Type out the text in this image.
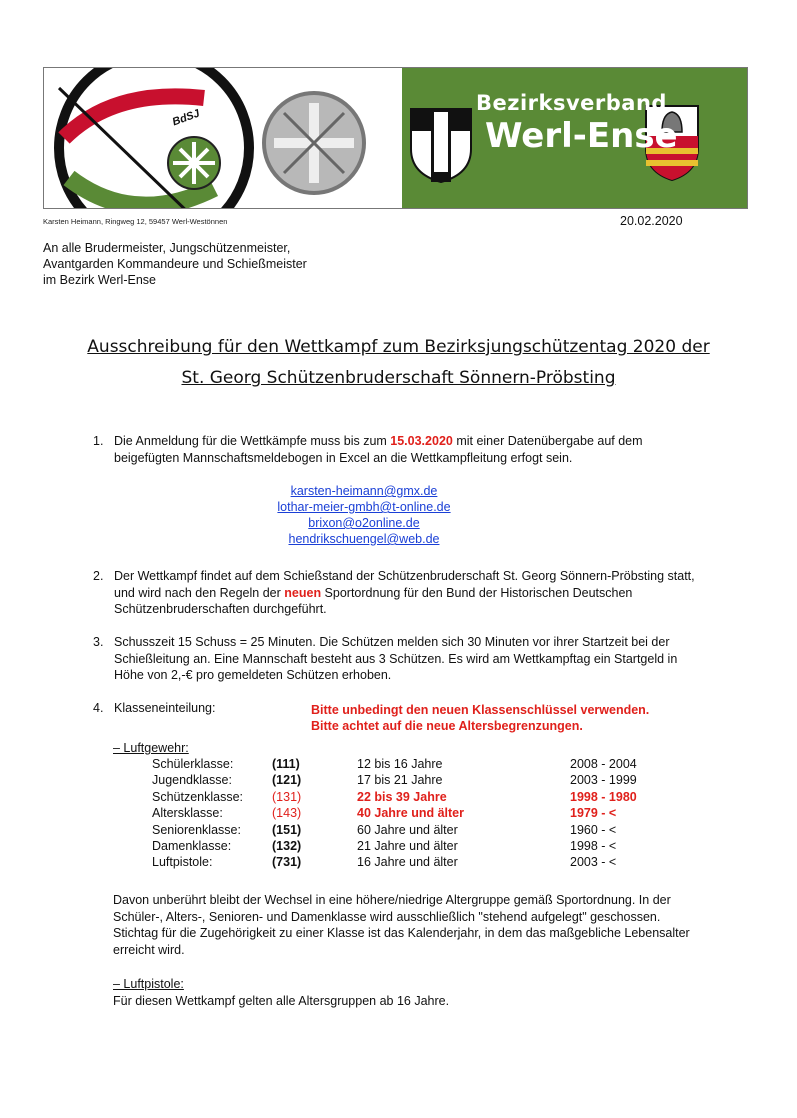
BdSJ
Bezirksverband
Werl-Ense
Karsten Heimann, Ringweg 12, 59457 Werl-Westönnen	20.02.2020
An alle Brudermeister, Jungschützenmeister,
Avantgarden Kommandeure und Schießmeister
im Bezirk Werl-Ense
Ausschreibung für den Wettkampf zum Bezirksjungschützentag 2020 der
St. Georg Schützenbruderschaft Sönnern-Pröbsting
1. Die Anmeldung für die Wettkämpfe muss bis zum 15.03.2020 mit einer Datenübergabe auf dem
beigefügten Mannschaftsmeldebogen in Excel an die Wettkampfleitung erfogt sein.
karsten-heimann@gmx.de
lothar-meier-gmbh@t-online.de
brixon@o2online.de
hendrikschuengel@web.de
2. Der Wettkampf findet auf dem Schießstand der Schützenbruderschaft St. Georg Sönnern-Pröbsting statt,
und wird nach den Regeln der neuen Sportordnung für den Bund der Historischen Deutschen
Schützenbruderschaften durchgeführt.
3. Schusszeit 15 Schuss = 25 Minuten. Die Schützen melden sich 30 Minuten vor ihrer Startzeit bei der
Schießleitung an. Eine Mannschaft besteht aus 3 Schützen. Es wird am Wettkampftag ein Startgeld in
Höhe von 2,-€ pro gemeldeten Schützen erhoben.
4. Klasseneinteilung:	Bitte unbedingt den neuen Klassenschlüssel verwenden.
Bitte achtet auf die neue Altersbegrenzungen.
– Luftgewehr:
Schülerklasse:	(111)	12 bis 16 Jahre	2008 - 2004
Jugendklasse:	(121)	17 bis 21 Jahre	2003 - 1999
Schützenklasse: (131)	22 bis 39 Jahre	1998 - 1980
Altersklasse:	(143)	40 Jahre und älter	1979 - <
Seniorenklasse: (151)	60 Jahre und älter	1960 - <
Damenklasse:	(132)	21 Jahre und älter	1998 - <
Luftpistole:	(731)	16 Jahre und älter	2003 - <
Davon unberührt bleibt der Wechsel in eine höhere/niedrige Altergruppe gemäß Sportordnung. In der
Schüler-, Alters-, Senioren- und Damenklasse wird ausschließlich "stehend aufgelegt" geschossen.
Stichtag für die Zugehörigkeit zu einer Klasse ist das Kalenderjahr, in dem das maßgebliche Lebensalter
erreicht wird.
– Luftpistole:
Für diesen Wettkampf gelten alle Altersgruppen ab 16 Jahre.
